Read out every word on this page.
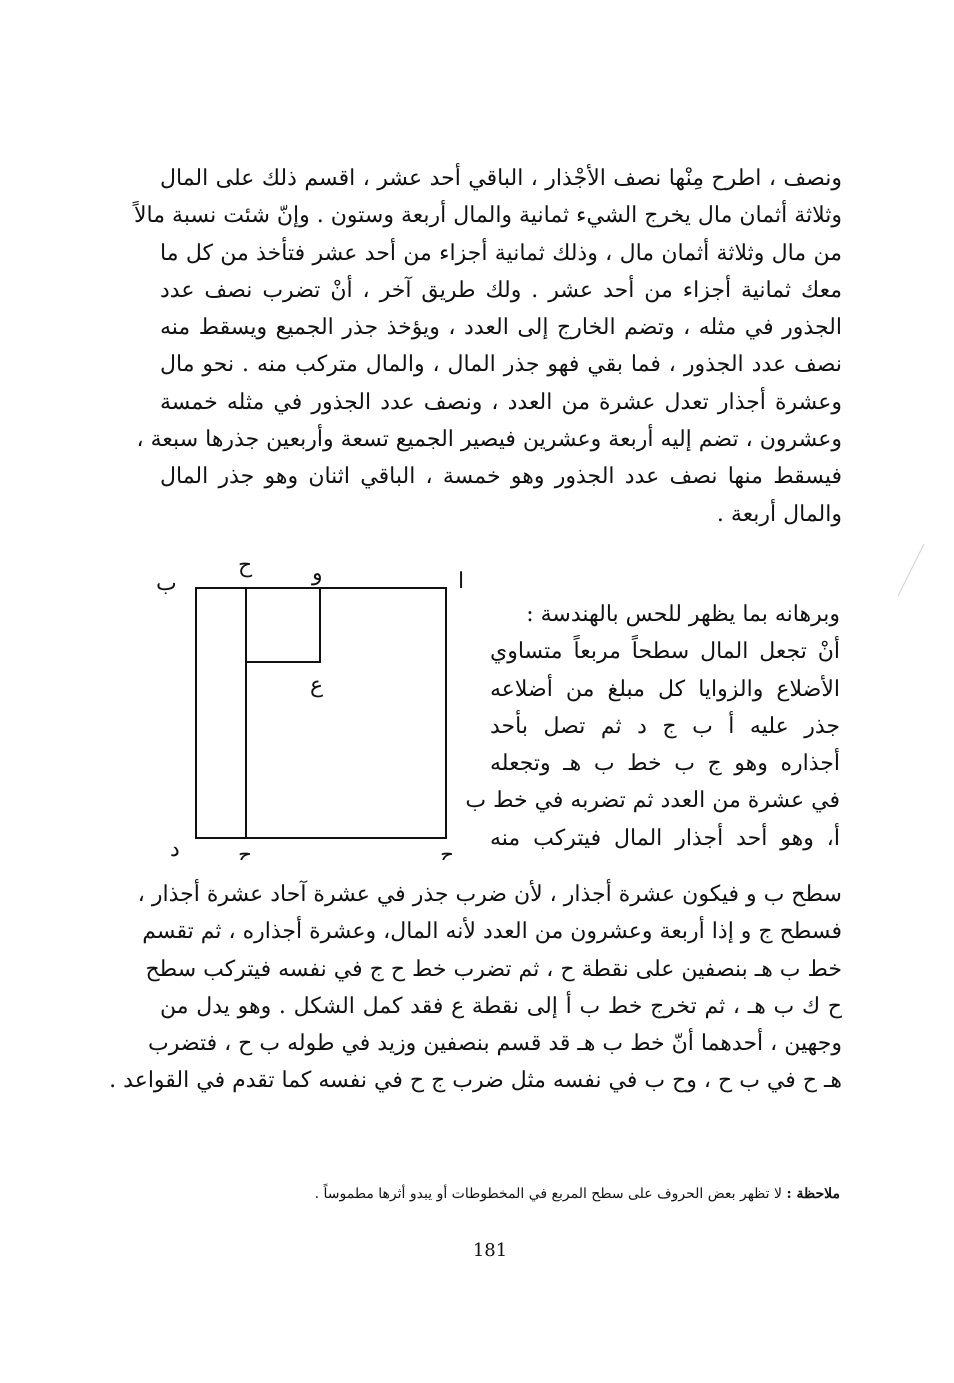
ونصف ، اطرح مِنْها نصف الأجْذار ، الباقي أحد عشر ، اقسم ذلك على المال
وثلاثة أثمان مال يخرج الشيء ثمانية والمال أربعة وستون . وإنّ شئت نسبة مالاً
من مال وثلاثة أثمان مال ، وذلك ثمانية أجزاء من أحد عشر فتأخذ من كل ما
معك ثمانية أجزاء من أحد عشر . ولك طريق آخر ، أنْ تضرب نصف عدد
الجذور في مثله ، وتضم الخارج إلى العدد ، ويؤخذ جذر الجميع ويسقط منه
نصف عدد الجذور ، فما بقي فهو جذر المال ، والمال متركب منه . نحو مال
وعشرة أجذار تعدل عشرة من العدد ، ونصف عدد الجذور في مثله خمسة
وعشرون ، تضم إليه أربعة وعشرين فيصير الجميع تسعة وأربعين جذرها سبعة ،
فيسقط منها نصف عدد الجذور وهو خمسة ، الباقي اثنان وهو جذر المال
والمال أربعة .
ا
ب
ح	و
ع
ج
ح
د
وبرهانه بما يظهر للحس بالهندسة :
أنْ تجعل المال سطحاً مربعاً متساوي
الأضلاع والزوايا كل مبلغ من أضلاعه
جذر عليه أ ب ج د ثم تصل بأحد
أجذاره وهو ج ب خط ب هـ وتجعله
في عشرة من العدد ثم تضربه في خط ب
أ، وهو أحد أجذار المال فيتركب منه
سطح ب و فيكون عشرة أجذار ، لأن ضرب جذر في عشرة آحاد عشرة أجذار ،
فسطح ج و إذا أربعة وعشرون من العدد لأنه المال، وعشرة أجذاره ، ثم تقسم
خط ب هـ بنصفين على نقطة ح ، ثم تضرب خط ح ج في نفسه فيتركب سطح
ح ك ب هـ ، ثم تخرج خط ب أ إلى نقطة ع فقد كمل الشكل . وهو يدل من
وجهين ، أحدهما أنّ خط ب هـ قد قسم بنصفين وزيد في طوله ب ح ، فتضرب
هـ ح في ب ح ، وح ب في نفسه مثل ضرب ج ح في نفسه كما تقدم في القواعد .
ملاحظة : لا تظهر بعض الحروف على سطح المربع في المخطوطات أو يبدو أثرها مطموساً .
181
